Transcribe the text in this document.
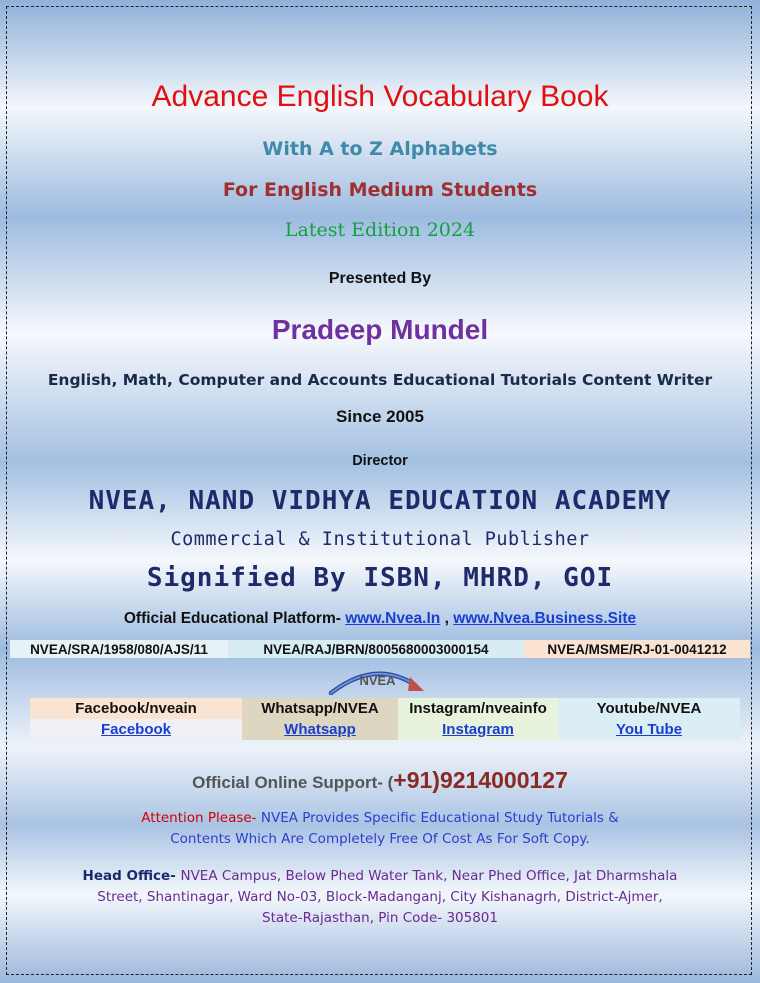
Advance English Vocabulary Book
With A to Z Alphabets
For English Medium Students
Latest Edition 2024
Presented By
Pradeep Mundel
English, Math, Computer and Accounts Educational Tutorials Content Writer
Since 2005
Director
NVEA, NAND VIDHYA EDUCATION ACADEMY
Commercial & Institutional Publisher
Signified By ISBN, MHRD, GOI
Official Educational Platform- www.Nvea.In , www.Nvea.Business.Site
NVEA/SRA/1958/080/AJS/11	NVEA/RAJ/BRN/8005680003000154	NVEA/MSME/RJ-01-0041212
NVEA
Facebook/nveain
Facebook
Whatsapp/NVEA
Whatsapp
Instagram/nveainfo
Instagram
Youtube/NVEA
You Tube
Official Online Support- (+91)9214000127
Attention Please- NVEA Provides Specific Educational Study Tutorials &
Contents Which Are Completely Free Of Cost As For Soft Copy.
Head Office- NVEA Campus, Below Phed Water Tank, Near Phed Office, Jat Dharmshala
Street, Shantinagar, Ward No-03, Block-Madanganj, City Kishanagrh, District-Ajmer,
State-Rajasthan, Pin Code- 305801
